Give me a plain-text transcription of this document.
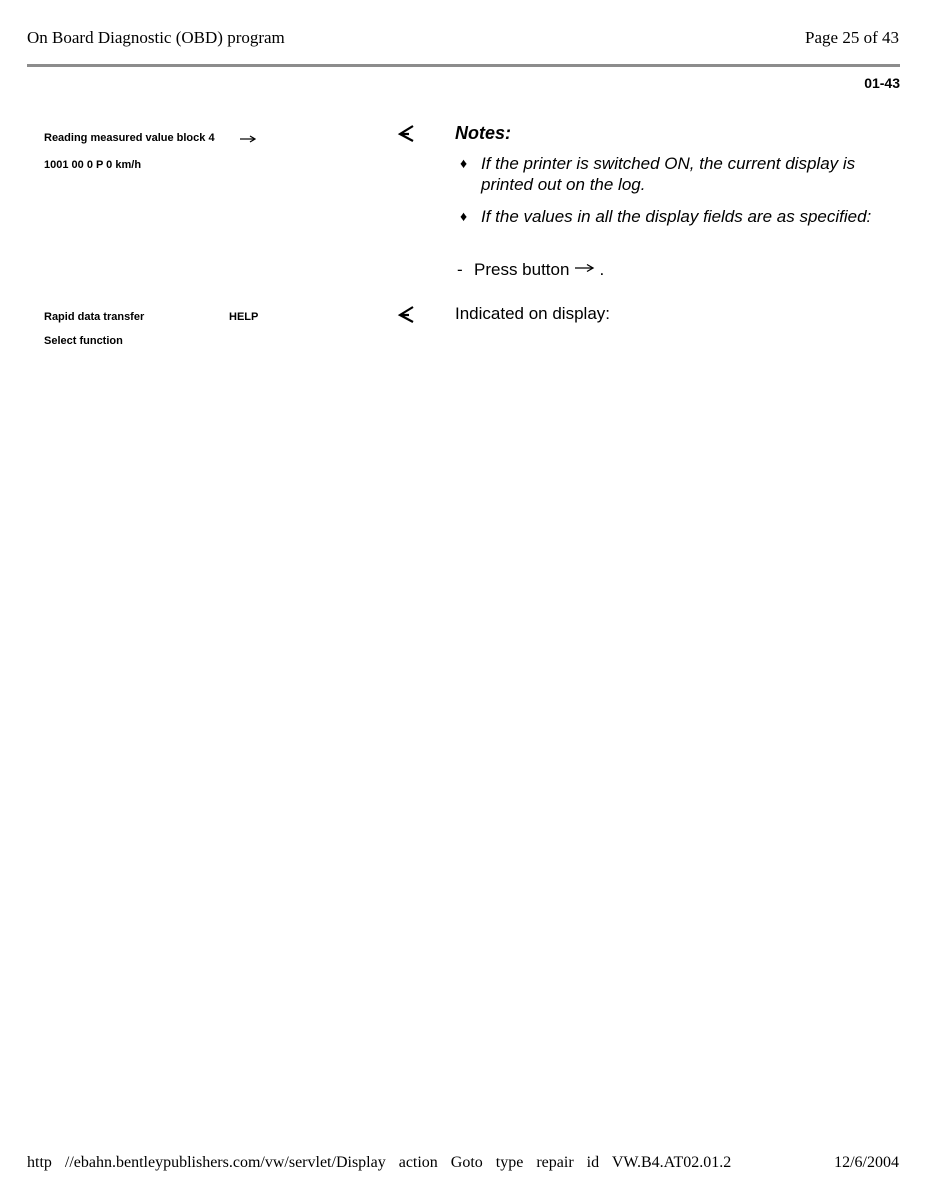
On Board Diagnostic (OBD) program	Page 25 of 43
01-43
Reading measured value block 4
1001 00 0 P 0 km/h
Notes:
♦ If the printer is switched ON, the current display is printed out on the log.
♦ If the values in all the display fields are as specified:
- Press button .
Rapid data transfer	HELP
Select function
Indicated on display:
http //ebahn.bentleypublishers.com/vw/servlet/Display action Goto type repair id VW.B4.AT02.01.2	12/6/2004
